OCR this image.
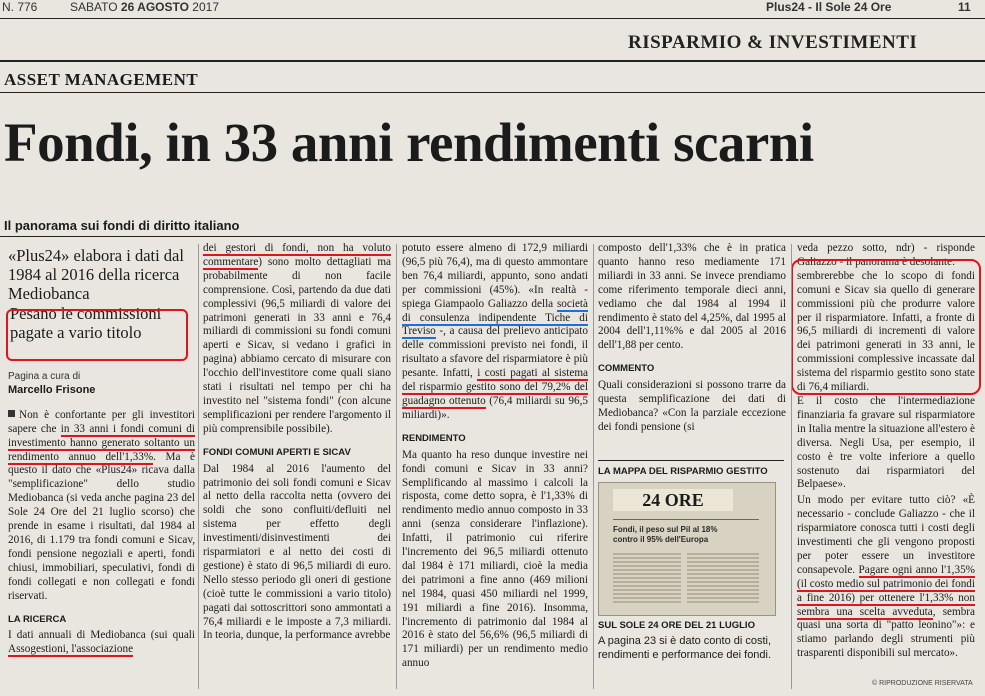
N. 776	SABATO 26 AGOSTO 2017	Plus24 - Il Sole 24 Ore	11
RISPARMIO & INVESTIMENTI
ASSET MANAGEMENT
Fondi, in 33 anni rendimenti scarni
Il panorama sui fondi di diritto italiano

«Plus24» elabora i dati dal 1984 al 2016 della ricerca Mediobanca

Pesano le commissioni pagate a vario titolo

Pagina a cura di

Marcello Frisone

Non è confortante per gli investitori sapere che in 33 anni i fondi comuni di investimento hanno generato soltanto un rendimento annuo dell'1,33%. Ma è questo il dato che «Plus24» ricava dalla "semplificazione" dello studio Mediobanca (si veda anche pagina 23 del Sole 24 Ore del 21 luglio scorso) che prende in esame i risultati, dal 1984 al 2016, di 1.179 tra fondi comuni e Sicav, fondi pensione negoziali e aperti, fondi chiusi, immobiliari, speculativi, fondi di fondi collegati e non collegati e fondi riservati.

LA RICERCA

I dati annuali di Mediobanca (sui quali Assogestioni, l'associazione

dei gestori di fondi, non ha voluto commentare) sono molto dettagliati ma probabilmente di non facile comprensione. Così, partendo da due dati complessivi (96,5 miliardi di valore dei patrimoni generati in 33 anni e 76,4 miliardi di commissioni su fondi comuni aperti e Sicav, si vedano i grafici in pagina) abbiamo cercato di misurare con l'occhio dell'investitore come quali siano stati i risultati nel tempo per chi ha investito nel "sistema fondi" (con alcune semplificazioni per rendere l'argomento il più comprensibile possibile).

FONDI COMUNI APERTI E SICAV

Dal 1984 al 2016 l'aumento del patrimonio dei soli fondi comuni e Sicav al netto della raccolta netta (ovvero dei soldi che sono confluiti/defluiti nel sistema per effetto degli investimenti/disinvestimenti dei risparmiatori e al netto dei costi di gestione) è stato di 96,5 miliardi di euro. Nello stesso periodo gli oneri di gestione (cioè tutte le commissioni a vario titolo) pagati dai sottoscrittori sono ammontati a 76,4 miliardi e le imposte a 7,3 miliardi. In teoria, dunque, la performance avrebbe

potuto essere almeno di 172,9 miliardi (96,5 più 76,4), ma di questo ammontare ben 76,4 miliardi, appunto, sono andati per commissioni (45%). «In realtà - spiega Giampaolo Galiazzo della società di consulenza indipendente Tiche di Treviso -, a causa del prelievo anticipato delle commissioni previsto nei fondi, il risultato a sfavore del risparmiatore è più pesante. Infatti, i costi pagati al sistema del risparmio gestito sono del 79,2% del guadagno ottenuto (76,4 miliardi su 96,5 miliardi)».

RENDIMENTO

Ma quanto ha reso dunque investire nei fondi comuni e Sicav in 33 anni? Semplificando al massimo i calcoli la risposta, come detto sopra, è l'1,33% di rendimento medio annuo composto in 33 anni (senza considerare l'inflazione). Infatti, il patrimonio cui riferire l'incremento dei 96,5 miliardi ottenuto dal 1984 è 171 miliardi, cioè la media dei patrimoni a fine anno (469 milioni nel 1984, quasi 450 miliardi nel 1999, 191 miliardi a fine 2016). Insomma, l'incremento di patrimonio dal 1984 al 2016 è stato del 56,6% (96,5 miliardi di 171 miliardi) per un rendimento medio annuo

composto dell'1,33% che è in pratica quanto hanno reso mediamente 171 miliardi in 33 anni. Se invece prendiamo come riferimento temporale dieci anni, vediamo che dal 1984 al 1994 il rendimento è stato del 4,25%, dal 1995 al 2004 dell'1,11%% e dal 2005 al 2016 dell'1,88 per cento.

COMMENTO

Quali considerazioni si possono trarre da questa semplificazione dei dati di Mediobanca? «Con la parziale eccezione dei fondi pensione (si

LA MAPPA DEL RISPARMIO GESTITO
24 ORE
Fondi, il peso sul Pil al 18% contro il 95% dell'Europa
SUL SOLE 24 ORE DEL 21 LUGLIO
A pagina 23 si è dato conto di costi, rendimenti e performance dei fondi.

veda pezzo sotto, ndr) - risponde Galiazzo - il panorama è desolante:

sembrerebbe che lo scopo di fondi comuni e Sicav sia quello di generare commissioni più che produrre valore per il risparmiatore. Infatti, a fronte di 96,5 miliardi di incrementi di valore dei patrimoni generati in 33 anni, le commissioni complessive incassate dal sistema del risparmio gestito sono state di 76,4 miliardi.

E il costo che l'intermediazione finanziaria fa gravare sul risparmiatore in Italia mentre la situazione all'estero è diversa. Negli Usa, per esempio, il costo è tre volte inferiore a quello sostenuto dai risparmiatori del Belpaese».

Un modo per evitare tutto ciò? «È necessario - conclude Galiazzo - che il risparmiatore conosca tutti i costi degli investimenti che gli vengono proposti per poter essere un investitore consapevole. Pagare ogni anno l'1,35% (il costo medio sul patrimonio dei fondi a fine 2016) per ottenere l'1,33% non sembra una scelta avveduta, sembra quasi una sorta di "patto leonino"»: e stiamo parlando degli strumenti più trasparenti disponibili sul mercato».

© RIPRODUZIONE RISERVATA
